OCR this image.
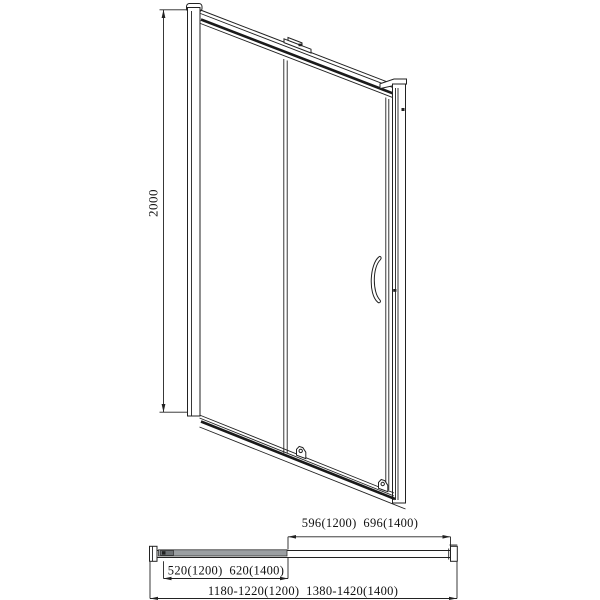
2000
596(1200)  696(1400)
520(1200)  620(1400)
1180-1220(1200)  1380-1420(1400)
